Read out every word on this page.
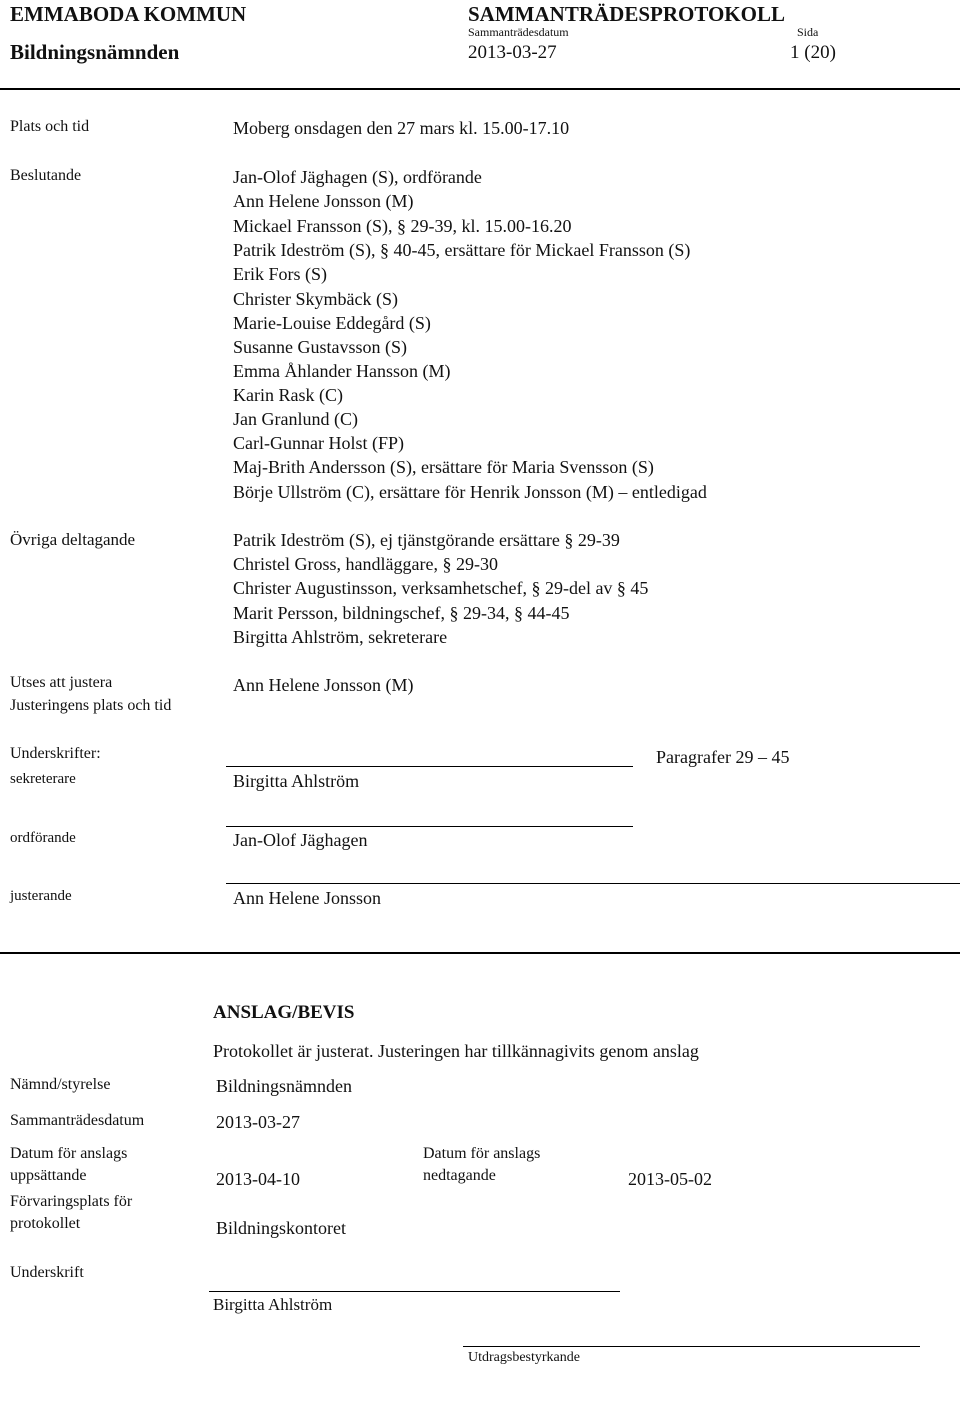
EMMABODA KOMMUN	SAMMANTRÄDESPROTOKOLL
Bildningsnämnden
Sammanträdesdatum
2013-03-27
Sida
1 (20)
Plats och tid	Moberg onsdagen den 27 mars kl. 15.00-17.10
Beslutande	Jan-Olof Jäghagen (S), ordförande
Ann Helene Jonsson (M)
Mickael Fransson (S), § 29-39, kl. 15.00-16.20
Patrik Ideström (S), § 40-45, ersättare för Mickael Fransson (S)
Erik Fors (S)
Christer Skymbäck (S)
Marie-Louise Eddegård (S)
Susanne Gustavsson (S)
Emma Åhlander Hansson (M)
Karin Rask (C)
Jan Granlund (C)
Carl-Gunnar Holst (FP)
Maj-Brith Andersson (S), ersättare för Maria Svensson (S)
Börje Ullström (C), ersättare för Henrik Jonsson (M) – entledigad
Övriga deltagande	Patrik Ideström (S), ej tjänstgörande ersättare § 29-39
Christel Gross, handläggare, § 29-30
Christer Augustinsson, verksamhetschef, § 29-del av § 45
Marit Persson, bildningschef, § 29-34, § 44-45
Birgitta Ahlström, sekreterare
Utses att justera	Ann Helene Jonsson (M)
Justeringens plats och tid
Underskrifter:	Paragrafer 29 – 45
sekreterare	Birgitta Ahlström
ordförande	Jan-Olof Jäghagen
justerande	Ann Helene Jonsson
ANSLAG/BEVIS
Protokollet är justerat. Justeringen har tillkännagivits genom anslag
Nämnd/styrelse	Bildningsnämnden
Sammanträdesdatum	2013-03-27
Datum för anslags
uppsättande	2013-04-10
Datum för anslags
nedtagande	2013-05-02
Förvaringsplats för
protokollet	Bildningskontoret
Underskrift
Birgitta Ahlström
Utdragsbestyrkande
